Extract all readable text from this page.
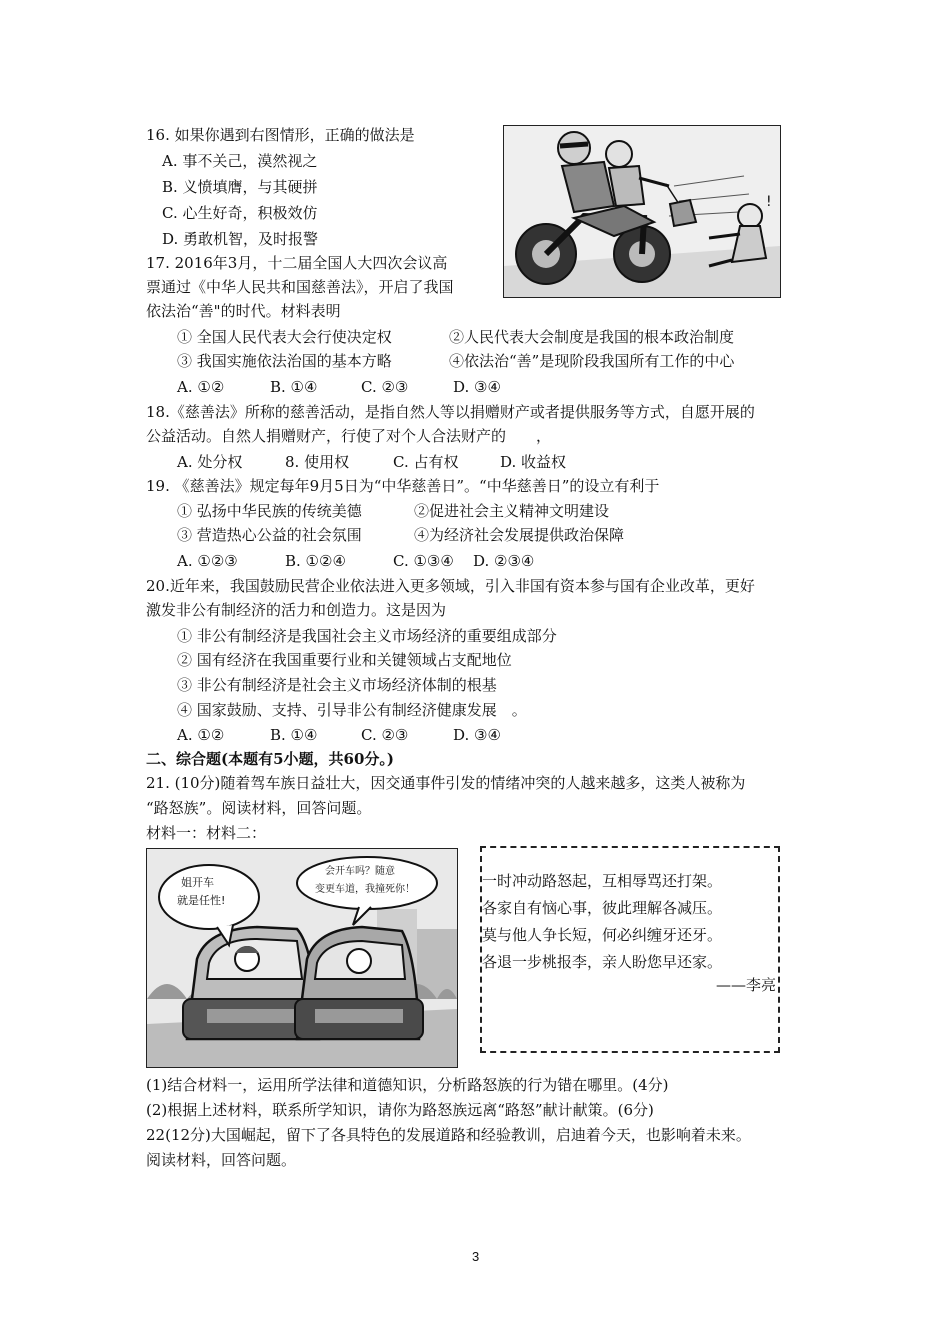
16. 如果你遇到右图情形，正确的做法是
A. 事不关己，漠然视之
B. 义愤填膺，与其硬拼
C. 心生好奇，积极效仿
D. 勇敢机智，及时报警
!
17. 2016年3月，十二届全国人大四次会议高
票通过《中华人民共和国慈善法》，开启了我国
依法治“善"的时代。材料表明
① 全国人民代表大会行使决定权	②人民代表大会制度是我国的根本政治制度
③ 我国实施依法治国的基本方略	④依法治“善”是现阶段我国所有工作的中心
A. ①②	B. ①④	C. ②③	D. ③④
18.《慈善法》所称的慈善活动，是指自然人等以捐赠财产或者提供服务等方式，自愿开展的
公益活动。自然人捐赠财产，行使了对个人合法财产的　　，
A. 处分权	8. 使用权	C. 占有权	D. 收益权
19. 《慈善法》规定每年9月5日为“中华慈善日”。“中华慈善日”的设立有利于
① 弘扬中华民族的传统美德	②促进社会主义精神文明建设
③ 营造热心公益的社会氛围	④为经济社会发展提供政治保障
A. ①②③	B. ①②④	C. ①③④ D. ②③④
20.近年来，我国鼓励民营企业依法进入更多领域，引入非国有资本参与国有企业改革，更好
激发非公有制经济的活力和创造力。这是因为
① 非公有制经济是我国社会主义市场经济的重要组成部分
② 国有经济在我国重要行业和关键领域占支配地位
③ 非公有制经济是社会主义市场经济体制的根基
④ 国家鼓励、支持、引导非公有制经济健康发展　。
A. ①②	B. ①④	C. ②③	D. ③④
二、综合题(本题有5小题，共60分。)
21. (10分)随着驾车族日益壮大，因交通事件引发的情绪冲突的人越来越多，这类人被称为
“路怒族”。阅读材料，回答问题。
材料一：材料二：
姐开车
就是任性!
会开车吗？随意
变更车道，我撞死你！	一时冲动路怒起，互相辱骂还打架。
各家自有恼心事，彼此理解各减压。
莫与他人争长短，何必纠缠牙还牙。
各退一步桃报李，亲人盼您早还家。
——李亮
(1)结合材料一，运用所学法律和道德知识，分析路怒族的行为错在哪里。(4分)
(2)根据上述材料，联系所学知识，请你为路怒族远离“路怒”献计献策。(6分)
22(12分)大国崛起，留下了各具特色的发展道路和经验教训，启迪着今天，也影响着未来。
阅读材料，回答问题。
3
